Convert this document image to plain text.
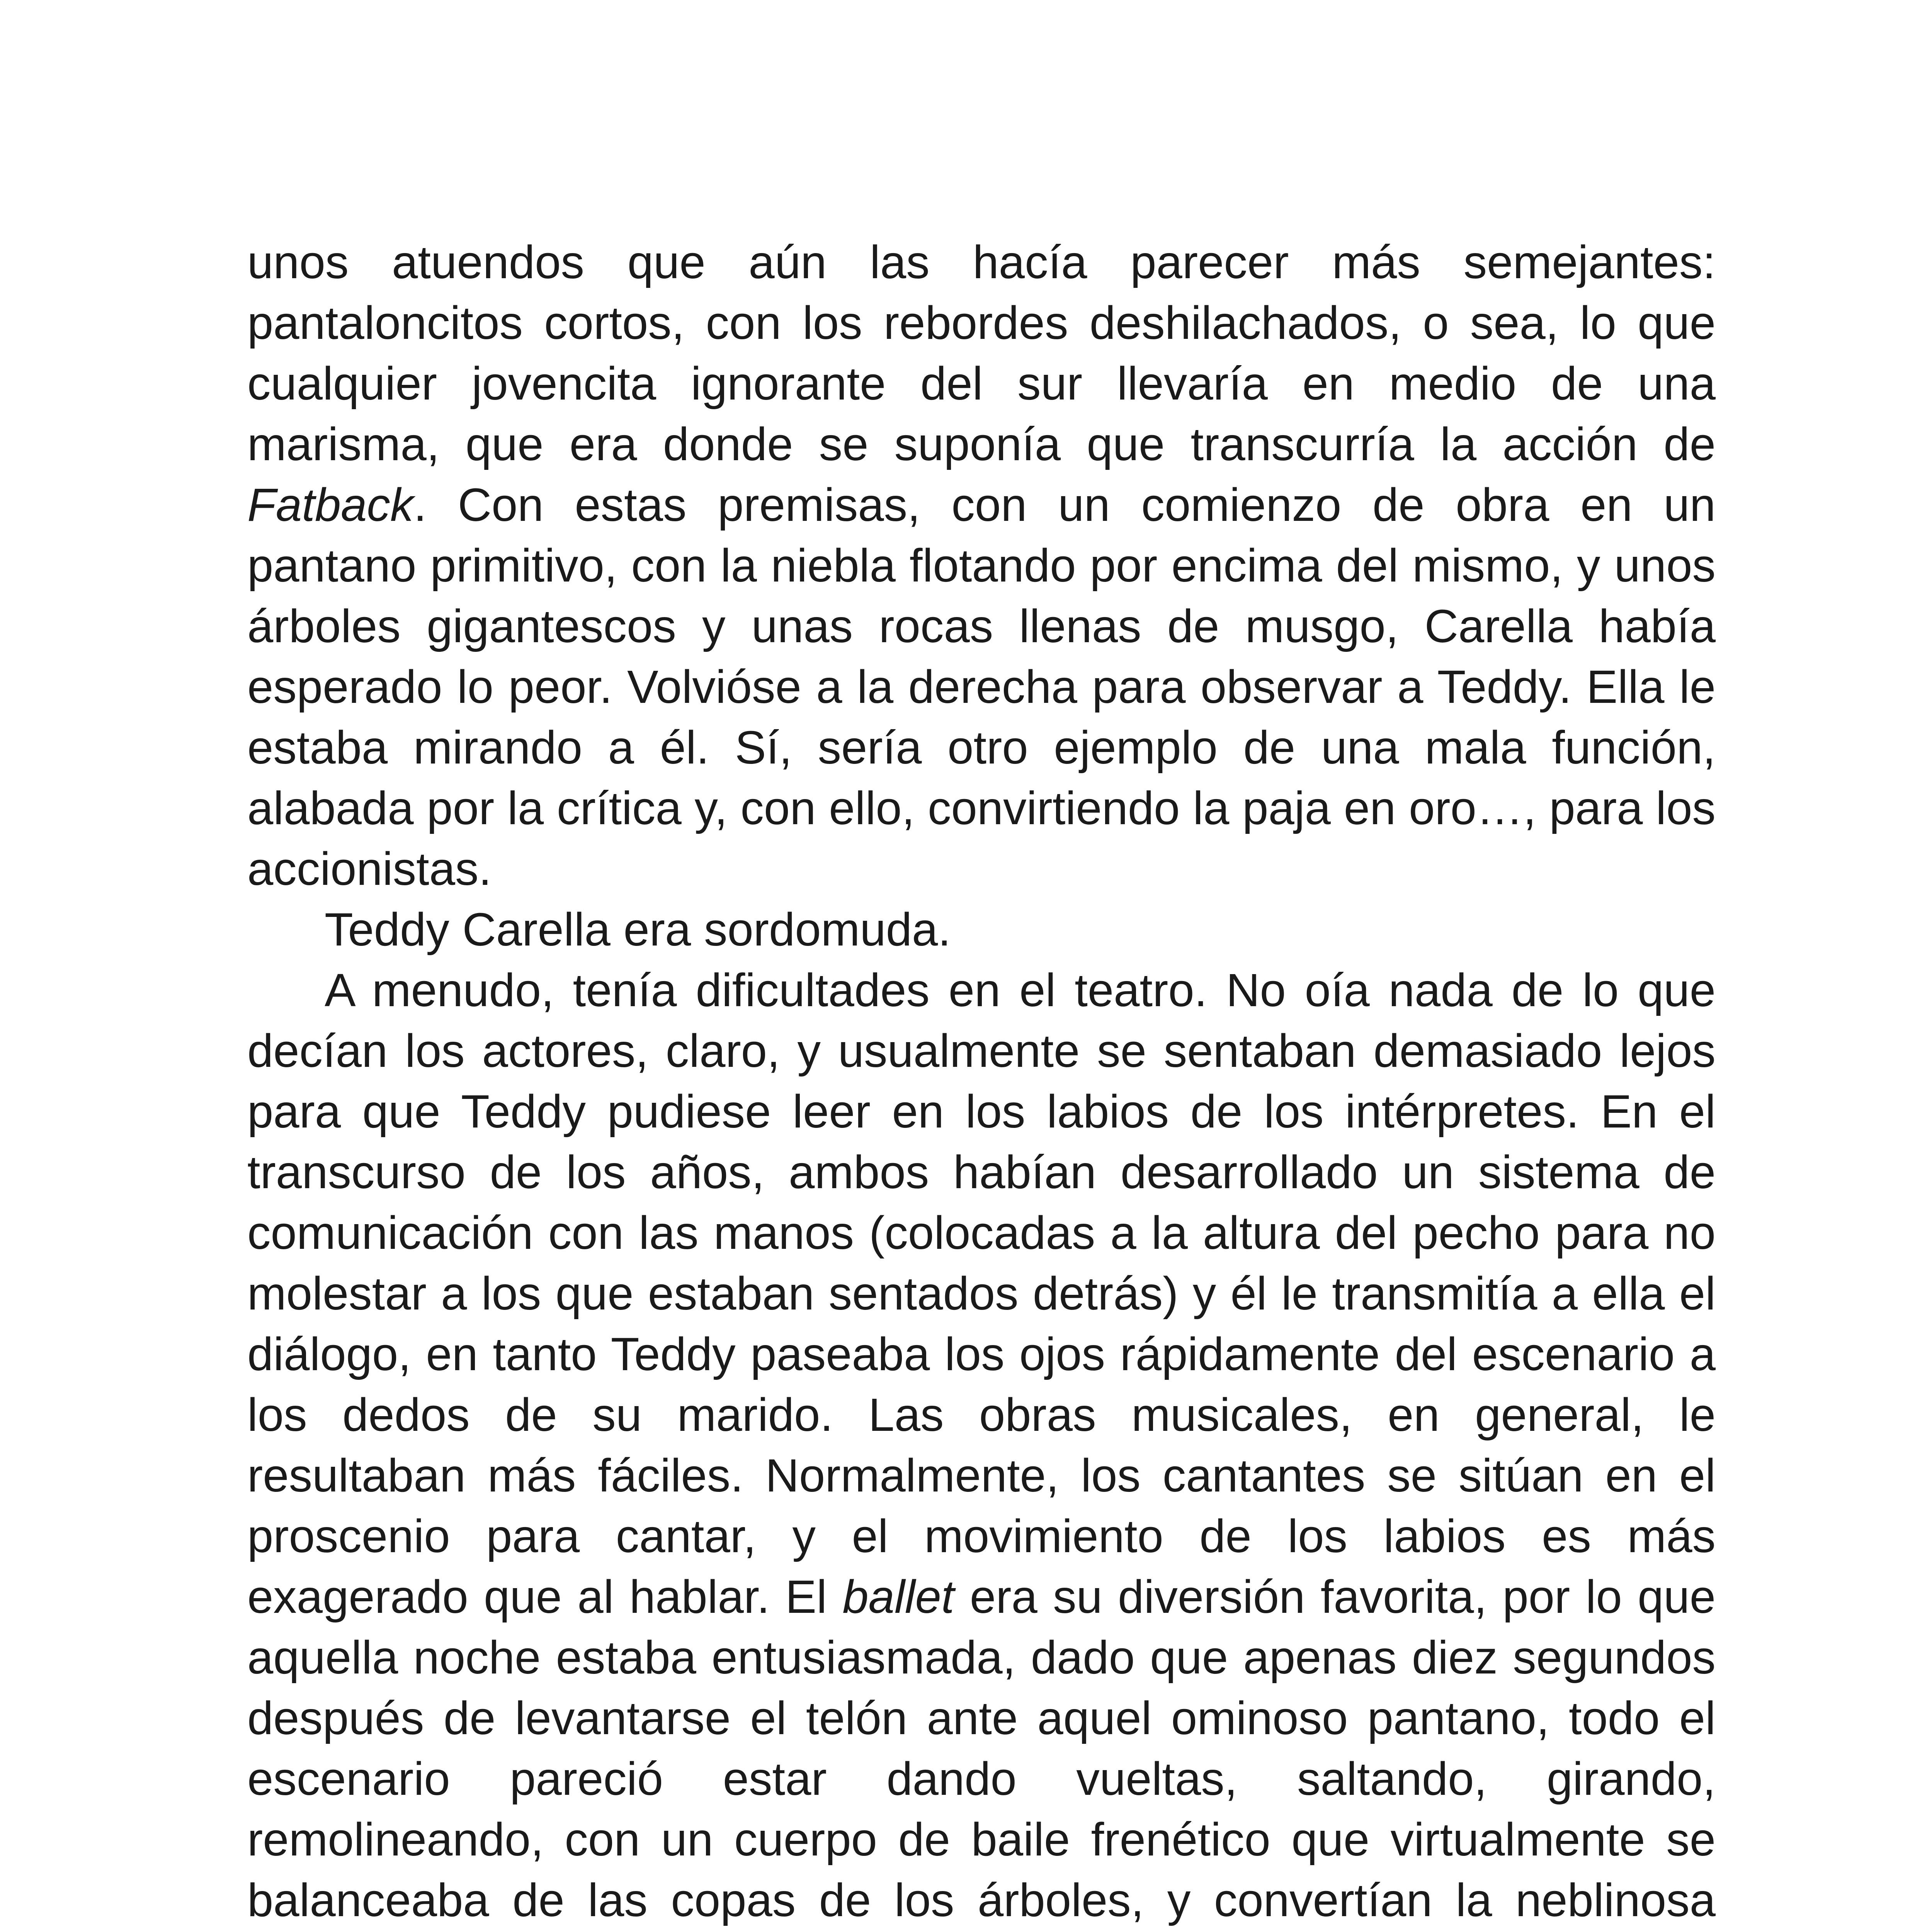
unos atuendos que aún las hacía parecer más semejantes: pantaloncitos cortos, con los rebordes deshilachados, o sea, lo que cualquier jovencita ignorante del sur llevaría en medio de una marisma, que era donde se suponía que transcurría la acción de Fatback. Con estas premisas, con un comienzo de obra en un pantano primitivo, con la niebla flotando por encima del mismo, y unos árboles gigantescos y unas rocas llenas de musgo, Carella había esperado lo peor. Volvióse a la derecha para observar a Teddy. Ella le estaba mirando a él. Sí, sería otro ejemplo de una mala función, alabada por la crítica y, con ello, convirtiendo la paja en oro…, para los accionistas.

Teddy Carella era sordomuda.

A menudo, tenía dificultades en el teatro. No oía nada de lo que decían los actores, claro, y usualmente se sentaban demasiado lejos para que Teddy pudiese leer en los labios de los intérpretes. En el transcurso de los años, ambos habían desarrollado un sistema de comunicación con las manos (colocadas a la altura del pecho para no molestar a los que estaban sentados detrás) y él le transmitía a ella el diálogo, en tanto Teddy paseaba los ojos rápidamente del escenario a los dedos de su marido. Las obras musicales, en general, le resultaban más fáciles. Normalmente, los cantantes se sitúan en el proscenio para cantar, y el movimiento de los labios es más exagerado que al hablar. El ballet era su diversión favorita, por lo que aquella noche estaba entusiasmada, dado que apenas diez segundos después de levantarse el telón ante aquel ominoso pantano, todo el escenario pareció estar dando vueltas, saltando, girando, remolineando, con un cuerpo de baile frenético que virtualmente se balanceaba de las copas de los árboles, y convertían la neblinosa
